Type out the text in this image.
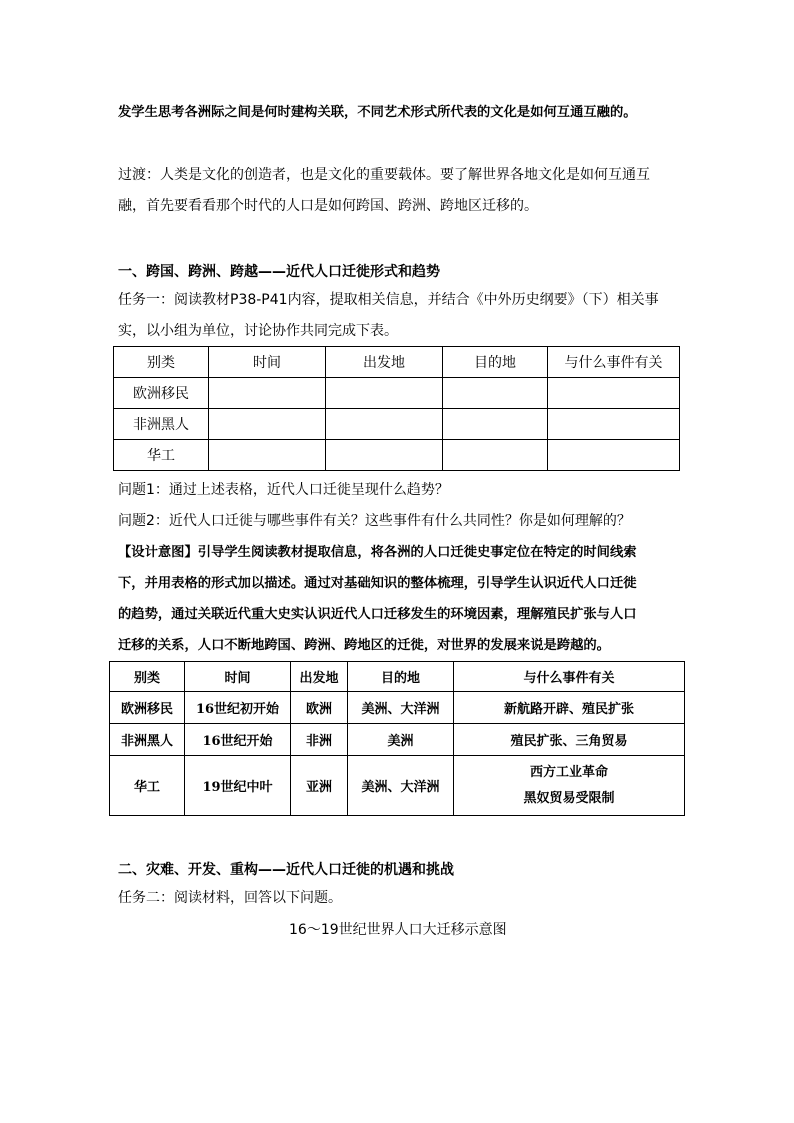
发学生思考各洲际之间是何时建构关联，不同艺术形式所代表的文化是如何互通互融的。
过渡：人类是文化的创造者，也是文化的重要载体。要了解世界各地文化是如何互通互
融，首先要看看那个时代的人口是如何跨国、跨洲、跨地区迁移的。
一、跨国、跨洲、跨越——近代人口迁徙形式和趋势
任务一：阅读教材P38-P41内容，提取相关信息，并结合《中外历史纲要》（下）相关事
实，以小组为单位，讨论协作共同完成下表。
别类	时间	出发地	目的地	与什么事件有关
欧洲移民				
非洲黑人				
华工				
问题1：通过上述表格，近代人口迁徙呈现什么趋势？
问题2：近代人口迁徙与哪些事件有关？这些事件有什么共同性？你是如何理解的？
【设计意图】引导学生阅读教材提取信息，将各洲的人口迁徙史事定位在特定的时间线索
下，并用表格的形式加以描述。通过对基础知识的整体梳理，引导学生认识近代人口迁徙
的趋势，通过关联近代重大史实认识近代人口迁移发生的环境因素，理解殖民扩张与人口
迁移的关系，人口不断地跨国、跨洲、跨地区的迁徙，对世界的发展来说是跨越的。
别类	时间	出发地	目的地	与什么事件有关
欧洲移民	16世纪初开始	欧洲	美洲、大洋洲	新航路开辟、殖民扩张
非洲黑人	16世纪开始	非洲	美洲	殖民扩张、三角贸易
华工	19世纪中叶	亚洲	美洲、大洋洲	西方工业革命
黑奴贸易受限制
二、灾难、开发、重构——近代人口迁徙的机遇和挑战
任务二：阅读材料，回答以下问题。
16～19世纪世界人口大迁移示意图
